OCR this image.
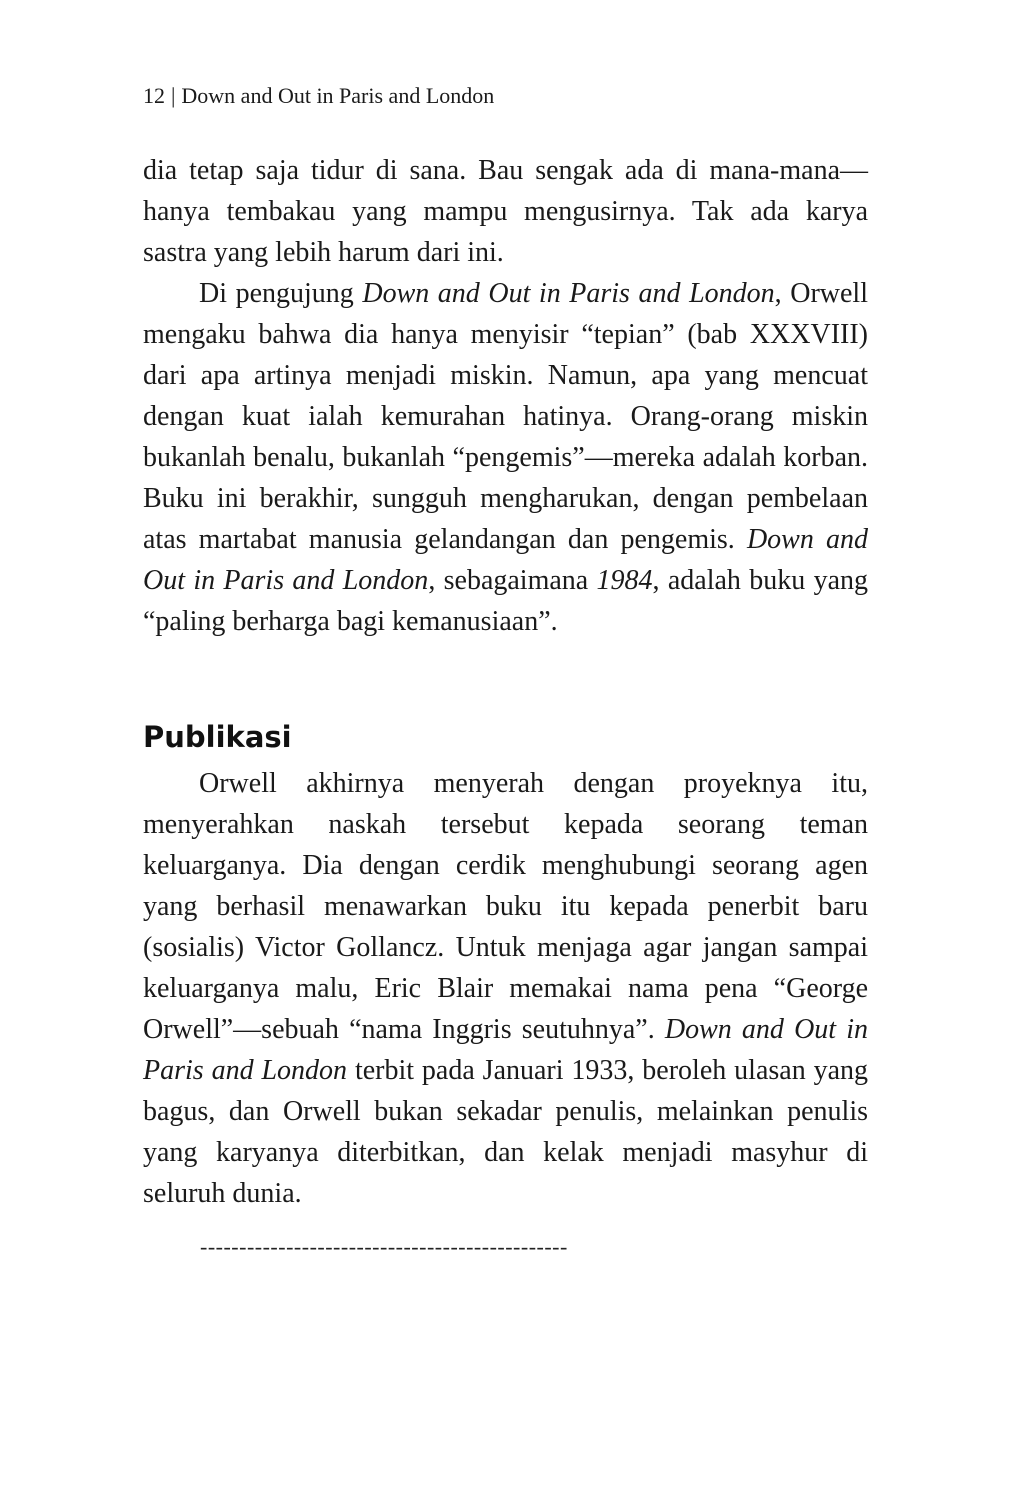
12 | Down and Out in Paris and London

dia tetap saja tidur di sana. Bau sengak ada di mana-mana—hanya tembakau yang mampu mengusirnya. Tak ada karya sastra yang lebih harum dari ini.

Di pengujung Down and Out in Paris and London, Orwell mengaku bahwa dia hanya menyisir “tepian” (bab XXXVIII) dari apa artinya menjadi miskin. Namun, apa yang mencuat dengan kuat ialah kemurahan hatinya. Orang-orang miskin bukanlah benalu, bukanlah “pengemis”—mereka adalah korban. Buku ini berakhir, sungguh mengharukan, dengan pembelaan atas martabat manusia gelandangan dan pengemis. Down and Out in Paris and London, sebagaimana 1984, adalah buku yang “paling berharga bagi kemanusiaan”.

Publikasi

Orwell akhirnya menyerah dengan proyeknya itu, menyerahkan naskah tersebut kepada seorang teman keluarganya. Dia dengan cerdik menghubungi seorang agen yang berhasil menawarkan buku itu kepada penerbit baru (sosialis) Victor Gollancz. Untuk menjaga agar jangan sampai keluarganya malu, Eric Blair memakai nama pena “George Orwell”—sebuah “nama Inggris seutuhnya”. Down and Out in Paris and London terbit pada Januari 1933, beroleh ulasan yang bagus, dan Orwell bukan sekadar penulis, melainkan penulis yang karyanya diterbitkan, dan kelak menjadi masyhur di seluruh dunia.

-----------------------------------------------
